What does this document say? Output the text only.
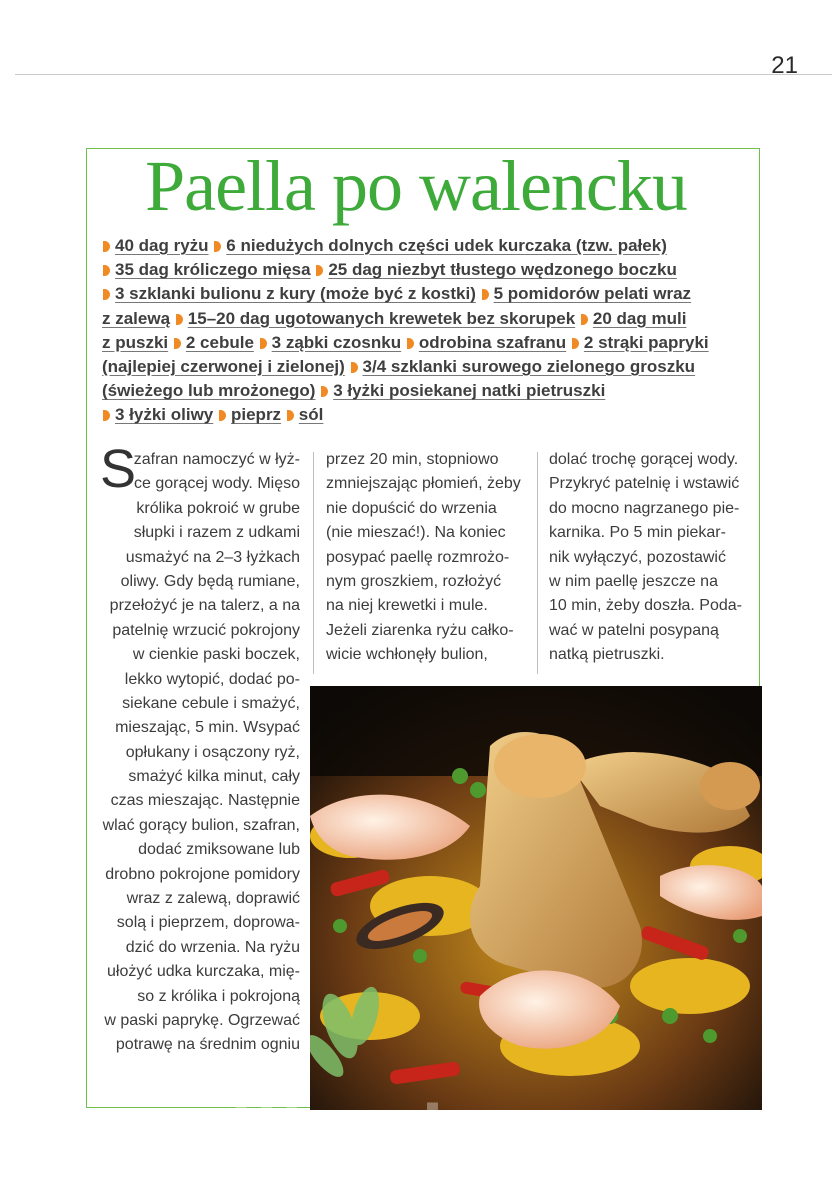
21
Paella po walencku
40 dag ryżu 6 niedużych dolnych części udek kurczaka (tzw. pałek)
35 dag króliczego mięsa 25 dag niezbyt tłustego wędzonego boczku
3 szklanki bulionu z kury (może być z kostki) 5 pomidorów pelati wraz
z zalewą 15–20 dag ugotowanych krewetek bez skorupek 20 dag muli
z puszki 2 cebule 3 ząbki czosnku odrobina szafranu 2 strąki papryki
(najlepiej czerwonej i zielonej) 3/4 szklanki surowego zielonego groszku
(świeżego lub mrożonego) 3 łyżki posiekanej natki pietruszki
3 łyżki oliwy pieprz sól
S
zafran namoczyć w łyż-
ce gorącej wody. Mięso
królika pokroić w grube
słupki i razem z udkami
usmażyć na 2–3 łyżkach
oliwy. Gdy będą rumiane,
przełożyć je na talerz, a na
patelnię wrzucić pokrojony
w cienkie paski boczek,
lekko wytopić, dodać po-
siekane cebule i smażyć,
mieszając, 5 min. Wsypać
opłukany i osączony ryż,
smażyć kilka minut, cały
czas mieszając. Następnie
wlać gorący bulion, szafran,
dodać zmiksowane lub
drobno pokrojone pomidory
wraz z zalewą, doprawić
solą i pieprzem, doprowa-
dzić do wrzenia. Na ryżu
ułożyć udka kurczaka, mię-
so z królika i pokrojoną
w paski paprykę. Ogrzewać
potrawę na średnim ogniu
przez 20 min, stopniowo
zmniejszając płomień, żeby
nie dopuścić do wrzenia
(nie mieszać!). Na koniec
posypać paellę rozmrożo-
nym groszkiem, rozłożyć
na niej krewetki i mule.
Jeżeli ziarenka ryżu całko-
wicie wchłonęły bulion,
dolać trochę gorącej wody.
Przykryć patelnię i wstawić
do mocno nagrzanego pie-
karnika. Po 5 min piekar-
nik wyłączyć, pozostawić
w nim paellę jeszcze na
10 min, żeby doszła. Poda-
wać w patelni posypaną
natką pietruszki.
wedlinydomowe.pl
